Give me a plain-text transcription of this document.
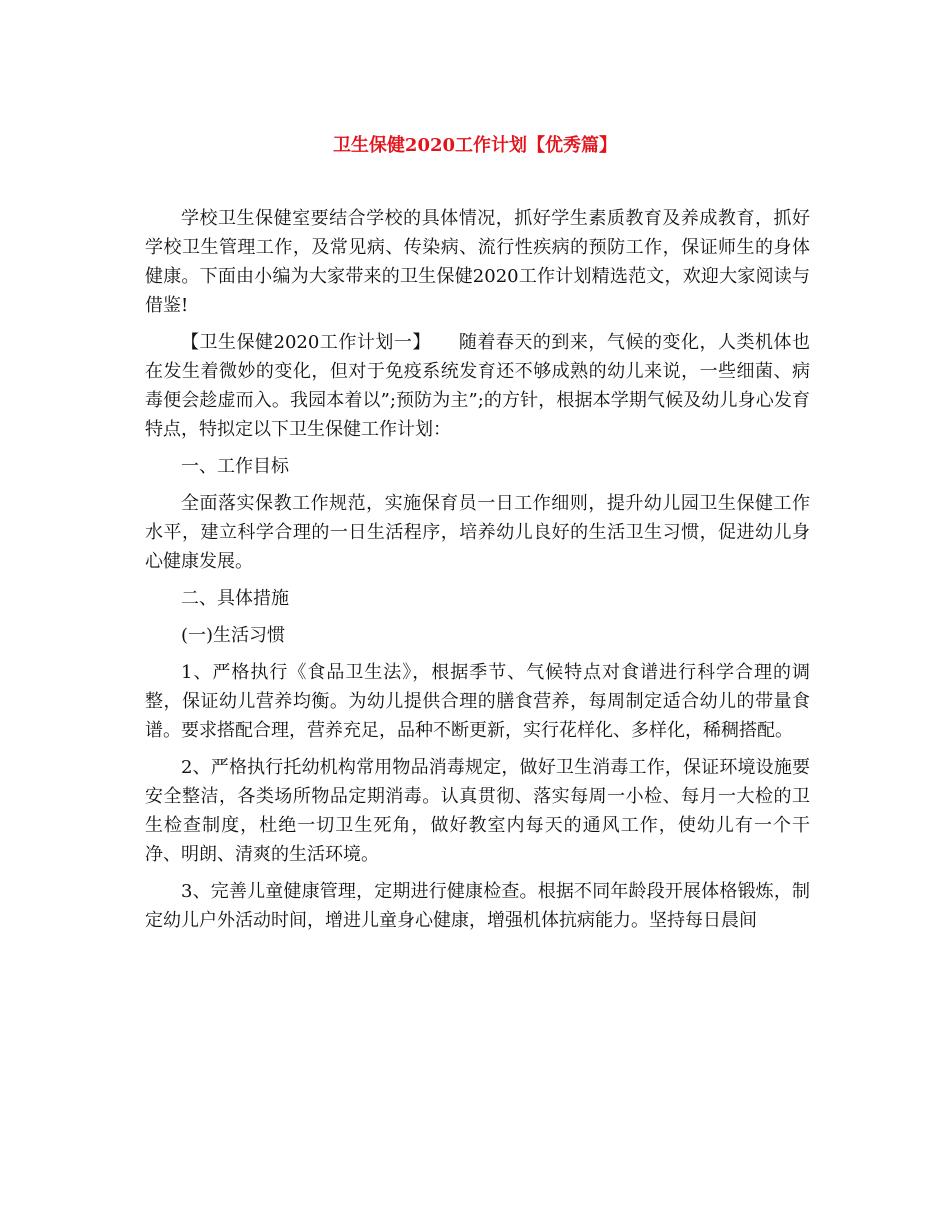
卫生保健2020工作计划【优秀篇】

学校卫生保健室要结合学校的具体情况，抓好学生素质教育及养成教育，抓好学校卫生管理工作，及常见病、传染病、流行性疾病的预防工作，保证师生的身体健康。下面由小编为大家带来的卫生保健2020工作计划精选范文，欢迎大家阅读与借鉴!

【卫生保健2020工作计划一】　　随着春天的到来，气候的变化，人类机体也在发生着微妙的变化，但对于免疫系统发育还不够成熟的幼儿来说，一些细菌、病毒便会趁虚而入。我园本着以”;预防为主”;的方针，根据本学期气候及幼儿身心发育特点，特拟定以下卫生保健工作计划：

一、工作目标

全面落实保教工作规范，实施保育员一日工作细则，提升幼儿园卫生保健工作水平，建立科学合理的一日生活程序，培养幼儿良好的生活卫生习惯，促进幼儿身心健康发展。

二、具体措施

(一)生活习惯

1、严格执行《食品卫生法》，根据季节、气候特点对食谱进行科学合理的调整，保证幼儿营养均衡。为幼儿提供合理的膳食营养，每周制定适合幼儿的带量食谱。要求搭配合理，营养充足，品种不断更新，实行花样化、多样化，稀稠搭配。

2、严格执行托幼机构常用物品消毒规定，做好卫生消毒工作，保证环境设施要安全整洁，各类场所物品定期消毒。认真贯彻、落实每周一小检、每月一大检的卫生检查制度，杜绝一切卫生死角，做好教室内每天的通风工作，使幼儿有一个干净、明朗、清爽的生活环境。

3、完善儿童健康管理，定期进行健康检查。根据不同年龄段开展体格锻炼，制定幼儿户外活动时间，增进儿童身心健康，增强机体抗病能力。坚持每日晨间
